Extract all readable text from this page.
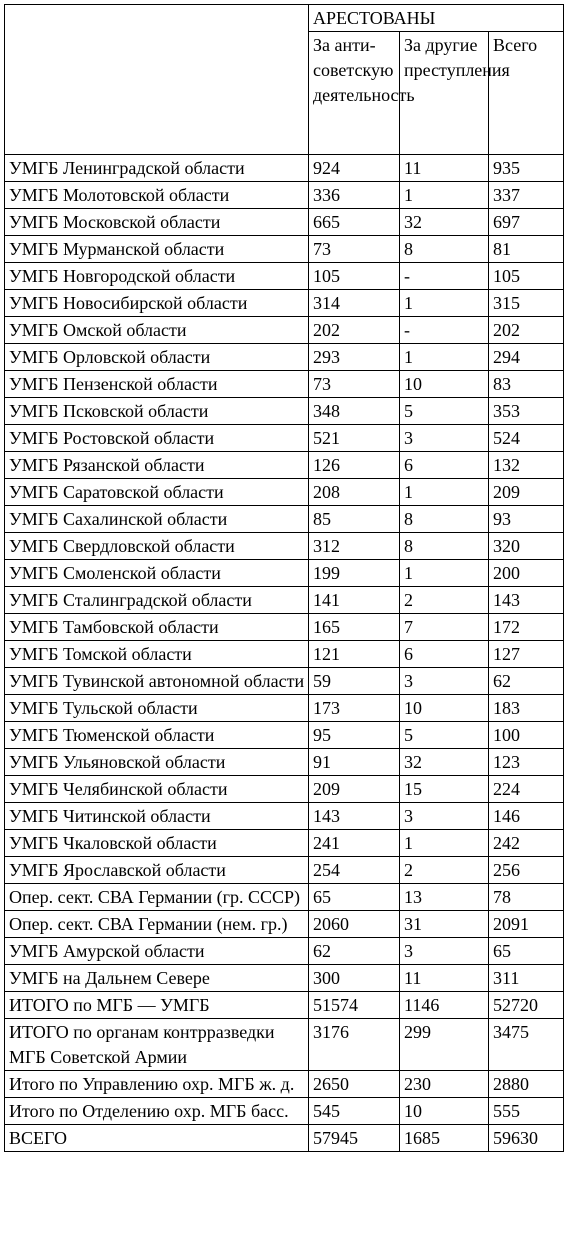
	АРЕСТОВАНЫ		
	За анти-советскую деятельность	За другие преступления	Всего
УМГБ Ленинградской области	924	11	935
УМГБ Молотовской области	336	1	337
УМГБ Московской области	665	32	697
УМГБ Мурманской области	73	8	81
УМГБ Новгородской области	105	-	105
УМГБ Новосибирской области	314	1	315
УМГБ Омской области	202	-	202
УМГБ Орловской области	293	1	294
УМГБ Пензенской области	73	10	83
УМГБ Псковской области	348	5	353
УМГБ Ростовской области	521	3	524
УМГБ Рязанской области	126	6	132
УМГБ Саратовской области	208	1	209
УМГБ Сахалинской области	85	8	93
УМГБ Свердловской области	312	8	320
УМГБ Смоленской области	199	1	200
УМГБ Сталинградской области	141	2	143
УМГБ Тамбовской области	165	7	172
УМГБ Томской области	121	6	127
УМГБ Тувинской автономной области	59	3	62
УМГБ Тульской области	173	10	183
УМГБ Тюменской области	95	5	100
УМГБ Ульяновской области	91	32	123
УМГБ Челябинской области	209	15	224
УМГБ Читинской области	143	3	146
УМГБ Чкаловской области	241	1	242
УМГБ Ярославской области	254	2	256
Опер. сект. СВА Германии (гр. СССР)	65	13	78
Опер. сект. СВА Германии (нем. гр.)	2060	31	2091
УМГБ Амурской области	62	3	65
УМГБ на Дальнем Севере	300	11	311
ИТОГО по МГБ — УМГБ	51574	1146	52720
ИТОГО по органам контрразведки МГБ Советской Армии	3176	299	3475
Итого по Управлению охр. МГБ ж. д.	2650	230	2880
Итого по Отделению охр. МГБ басс.	545	10	555
ВСЕГО	57945	1685	59630
